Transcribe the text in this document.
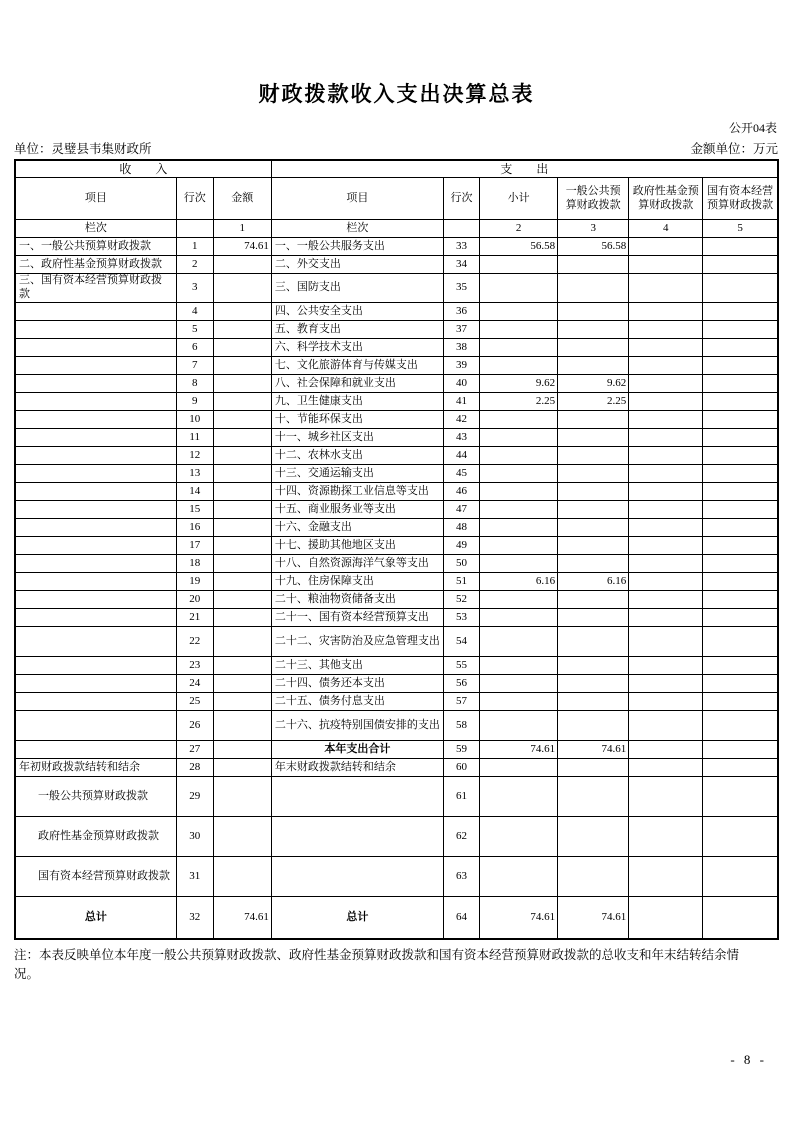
财政拨款收入支出决算总表
公开04表
单位：灵璧县韦集财政所	金额单位：万元
收　　入			支　　出					
项目	行次	金额	项目	行次	小计	一般公共预算财政拨款	政府性基金预算财政拨款	国有资本经营预算财政拨款
栏次		1	栏次		2	3	4	5
一、一般公共预算财政拨款	1	74.61	一、一般公共服务支出	33	56.58	56.58		
二、政府性基金预算财政拨款	2		二、外交支出	34				
三、国有资本经营预算财政拨款	3		三、国防支出	35				
	4		四、公共安全支出	36				
	5		五、教育支出	37				
	6		六、科学技术支出	38				
	7		七、文化旅游体育与传媒支出	39				
	8		八、社会保障和就业支出	40	9.62	9.62		
	9		九、卫生健康支出	41	2.25	2.25		
	10		十、节能环保支出	42				
	11		十一、城乡社区支出	43				
	12		十二、农林水支出	44				
	13		十三、交通运输支出	45				
	14		十四、资源勘探工业信息等支出	46				
	15		十五、商业服务业等支出	47				
	16		十六、金融支出	48				
	17		十七、援助其他地区支出	49				
	18		十八、自然资源海洋气象等支出	50				
	19		十九、住房保障支出	51	6.16	6.16		
	20		二十、粮油物资储备支出	52				
	21		二十一、国有资本经营预算支出	53				
	22		二十二、灾害防治及应急管理支出	54				
	23		二十三、其他支出	55				
	24		二十四、债务还本支出	56				
	25		二十五、债务付息支出	57				
	26		二十六、抗疫特别国债安排的支出	58				
	27		本年支出合计	59	74.61	74.61		
年初财政拨款结转和结余	28		年末财政拨款结转和结余	60				
一般公共预算财政拨款	29			61				
政府性基金预算财政拨款	30			62				
国有资本经营预算财政拨款	31			63				
总计	32	74.61	总计	64	74.61	74.61		
注：本表反映单位本年度一般公共预算财政拨款、政府性基金预算财政拨款和国有资本经营预算财政拨款的总收支和年末结转结余情
况。
- 8 -
